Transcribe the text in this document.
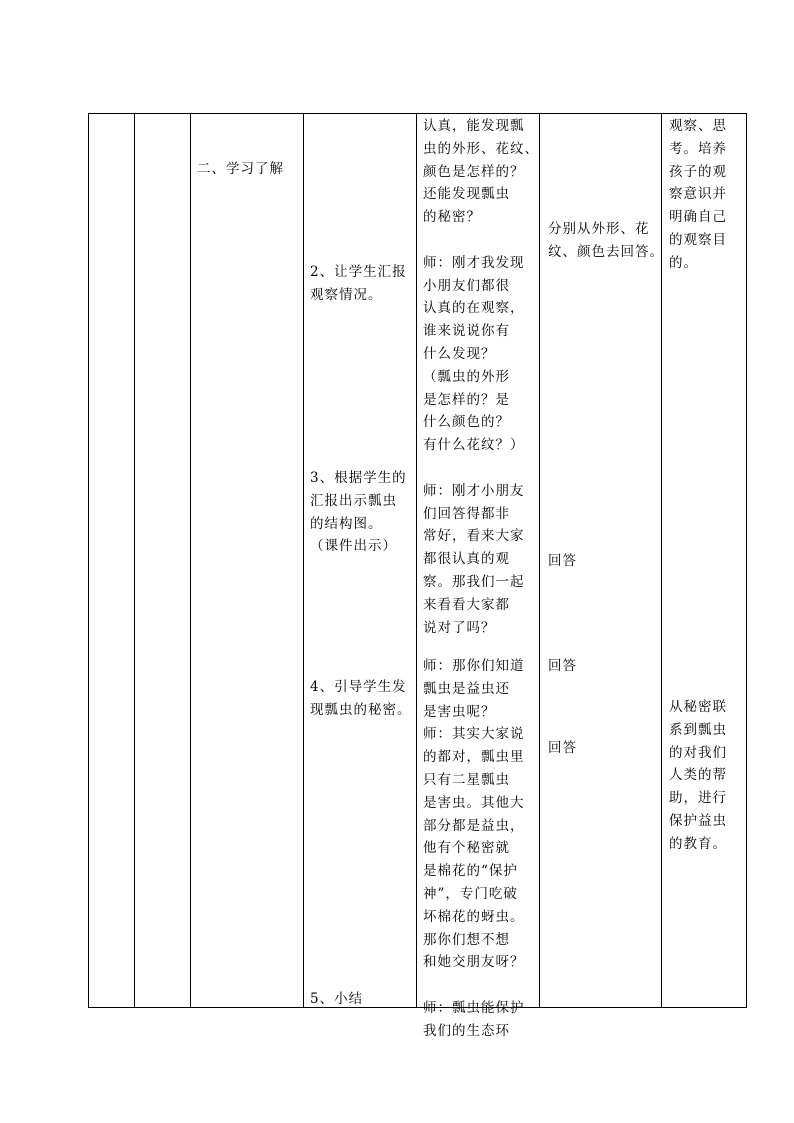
二、学习了解

2、让学生汇报

观察情况。

3、根据学生的

汇报出示瓢虫

的结构图。

（课件出示）

4、引导学生发

现瓢虫的秘密。

5、小结

认真，能发现瓢

虫的外形、花纹、

颜色是怎样的？

还能发现瓢虫

的秘密？

师：刚才我发现

小朋友们都很

认真的在观察，

谁来说说你有

什么发现？

（瓢虫的外形

是怎样的？是

什么颜色的？

有什么花纹？）

师：刚才小朋友

们回答得都非

常好，看来大家

都很认真的观

察。那我们一起

来看看大家都

说对了吗？

师：那你们知道

瓢虫是益虫还

是害虫呢？

师：其实大家说

的都对，瓢虫里

只有二星瓢虫

是害虫。其他大

部分都是益虫，

他有个秘密就

是棉花的“保护

神”，专门吃破

坏棉花的蚜虫。

那你们想不想

和她交朋友呀？

师：瓢虫能保护

我们的生态环

分别从外形、花

纹、颜色去回答。

回答

回答

回答

观察、思

考。培养

孩子的观

察意识并

明确自己

的观察目

的。

从秘密联

系到瓢虫

的对我们

人类的帮

助，进行

保护益虫

的教育。
